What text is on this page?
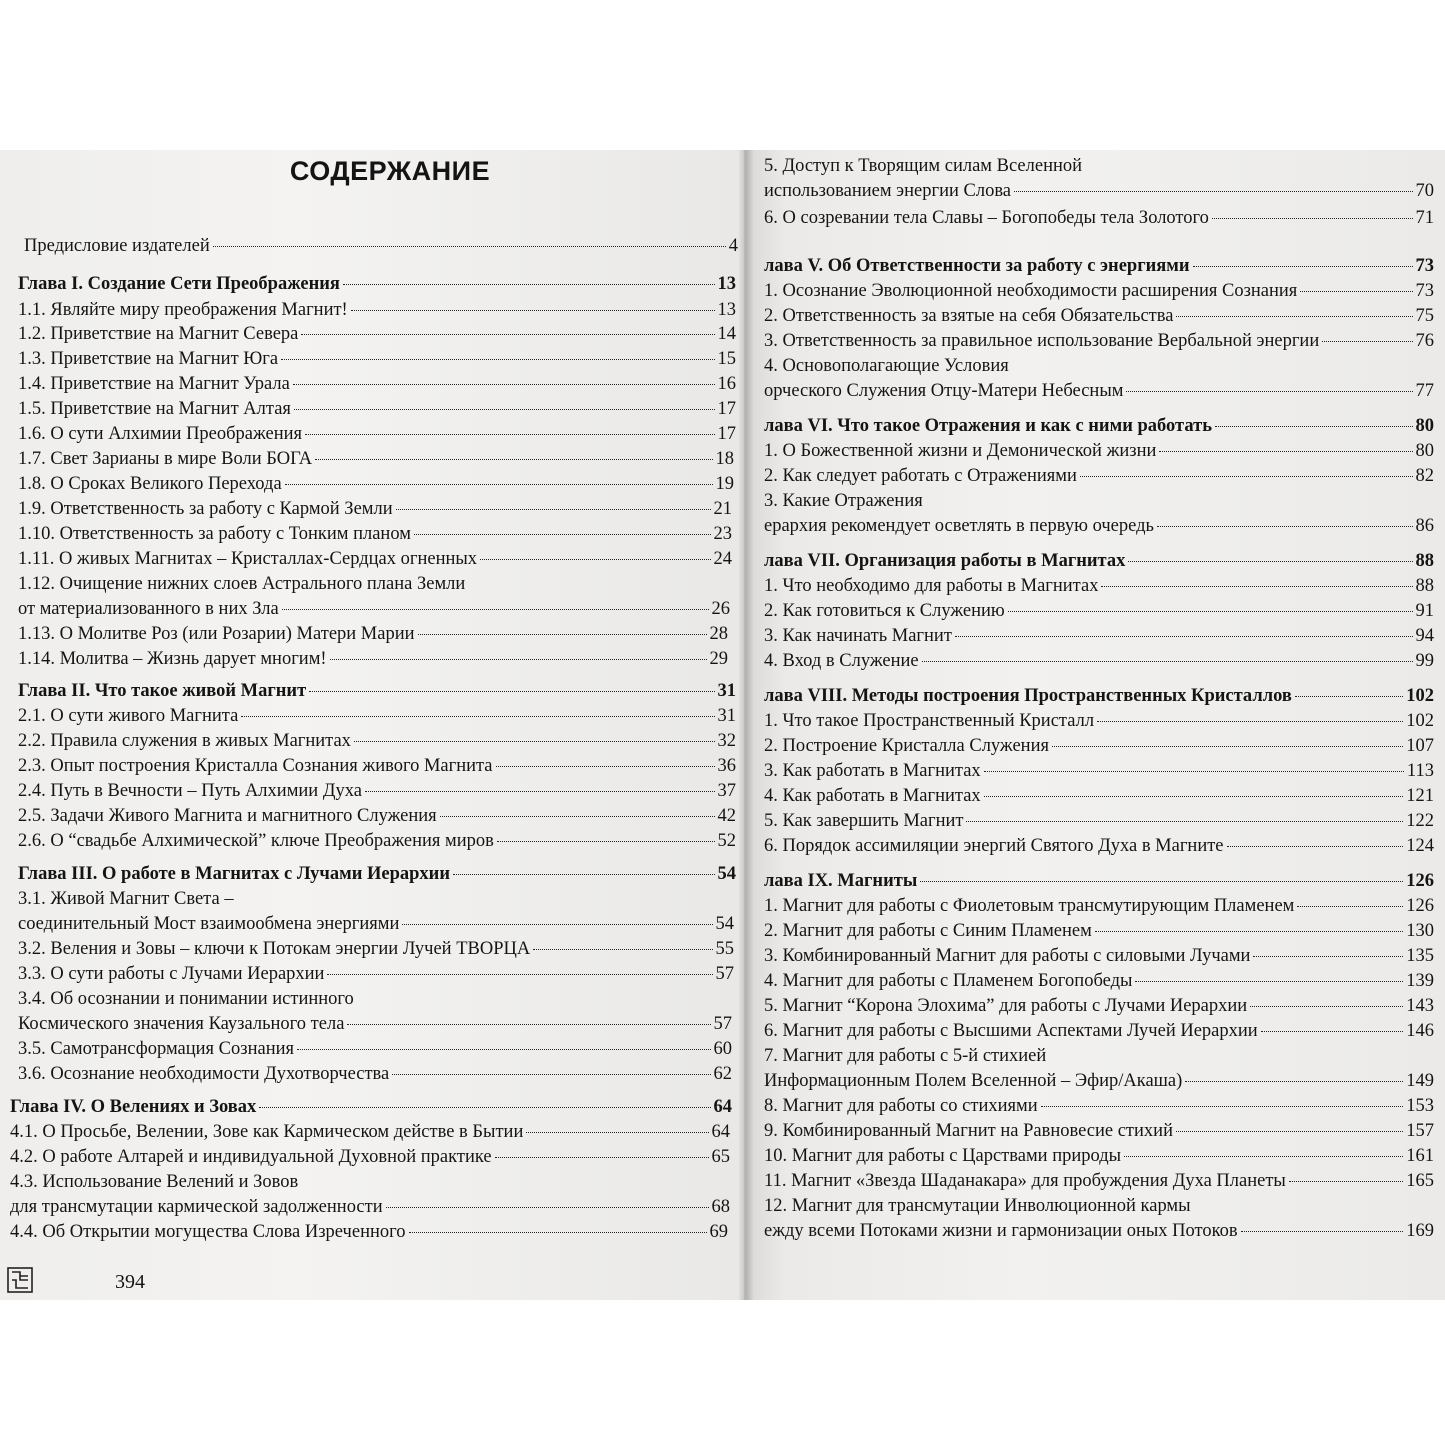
СОДЕРЖАНИЕ
Предисловие издателей	4
Глава I. Создание Сети Преображения	13
1.1. Являйте миру преображения Магнит!	13
1.2. Приветствие на Магнит Севера	14
1.3. Приветствие на Магнит Юга	15
1.4. Приветствие на Магнит Урала	16
1.5. Приветствие на Магнит Алтая	17
1.6. О сути Алхимии Преображения	17
1.7. Свет Зарианы в мире Воли БОГА	18
1.8. О Сроках Великого Перехода	19
1.9. Ответственность за работу с Кармой Земли	21
1.10. Ответственность за работу с Тонким планом	23
1.11. О живых Магнитах – Кристаллах-Сердцах огненных	24
1.12. Очищение нижних слоев Астрального плана Земли
от материализованного в них Зла	26
1.13. О Молитве Роз (или Розарии) Матери Марии	28
1.14. Молитва – Жизнь дарует многим!	29
Глава II. Что такое живой Магнит	31
2.1. О сути живого Магнита	31
2.2. Правила служения в живых Магнитах	32
2.3. Опыт построения Кристалла Сознания живого Магнита	36
2.4. Путь в Вечности – Путь Алхимии Духа	37
2.5. Задачи Живого Магнита и магнитного Служения	42
2.6. О “свадьбе Алхимической” ключе Преображения миров	52
Глава III. О работе в Магнитах с Лучами Иерархии	54
3.1. Живой Магнит Света –
соединительный Мост взаимообмена энергиями	54
3.2. Веления и Зовы – ключи к Потокам энергии Лучей ТВОРЦА	55
3.3. О сути работы с Лучами Иерархии	57
3.4. Об осознании и понимании истинного
Космического значения Каузального тела	57
3.5. Самотрансформация Сознания	60
3.6. Осознание необходимости Духотворчества	62
Глава IV. О Велениях и Зовах	64
4.1. О Просьбе, Велении, Зове как Кармическом действе в Бытии	64
4.2. О работе Алтарей и индивидуальной Духовной практике	65
4.3. Использование Велений и Зовов
для трансмутации кармической задолженности	68
4.4. Об Открытии могущества Слова Изреченного	69
394
5. Доступ к Творящим силам Вселенной
использованием энергии Слова	70
6. О созревании тела Славы – Богопобеды тела Золотого	71
лава V. Об Ответственности за работу с энергиями	73
1. Осознание Эволюционной необходимости расширения Сознания	73
2. Ответственность за взятые на себя Обязательства	75
3. Ответственность за правильное использование Вербальной энергии	76
4. Основополагающие Условия
орческого Служения Отцу-Матери Небесным	77
лава VI. Что такое Отражения и как с ними работать	80
1. О Божественной жизни и Демонической жизни	80
2. Как следует работать с Отражениями	82
3. Какие Отражения
ерархия рекомендует осветлять в первую очередь	86
лава VII. Организация работы в Магнитах	88
1. Что необходимо для работы в Магнитах	88
2. Как готовиться к Служению	91
3. Как начинать Магнит	94
4. Вход в Служение	99
лава VIII. Методы построения Пространственных Кристаллов	102
1. Что такое Пространственный Кристалл	102
2. Построение Кристалла Служения	107
3. Как работать в Магнитах	113
4. Как работать в Магнитах	121
5. Как завершить Магнит	122
6. Порядок ассимиляции энергий Святого Духа в Магните	124
лава IX. Магниты	126
1. Магнит для работы с Фиолетовым трансмутирующим Пламенем	126
2. Магнит для работы с Синим Пламенем	130
3. Комбинированный Магнит для работы с силовыми Лучами	135
4. Магнит для работы с Пламенем Богопобеды	139
5. Магнит “Корона Элохима” для работы с Лучами Иерархии	143
6. Магнит для работы с Высшими Аспектами Лучей Иерархии	146
7. Магнит для работы с 5-й стихией
Информационным Полем Вселенной – Эфир/Акаша)	149
8. Магнит для работы со стихиями	153
9. Комбинированный Магнит на Равновесие стихий	157
10. Магнит для работы с Царствами природы	161
11. Магнит «Звезда Шаданакара» для пробуждения Духа Планеты	165
12. Магнит для трансмутации Инволюционной кармы
ежду всеми Потоками жизни и гармонизации оных Потоков	169
